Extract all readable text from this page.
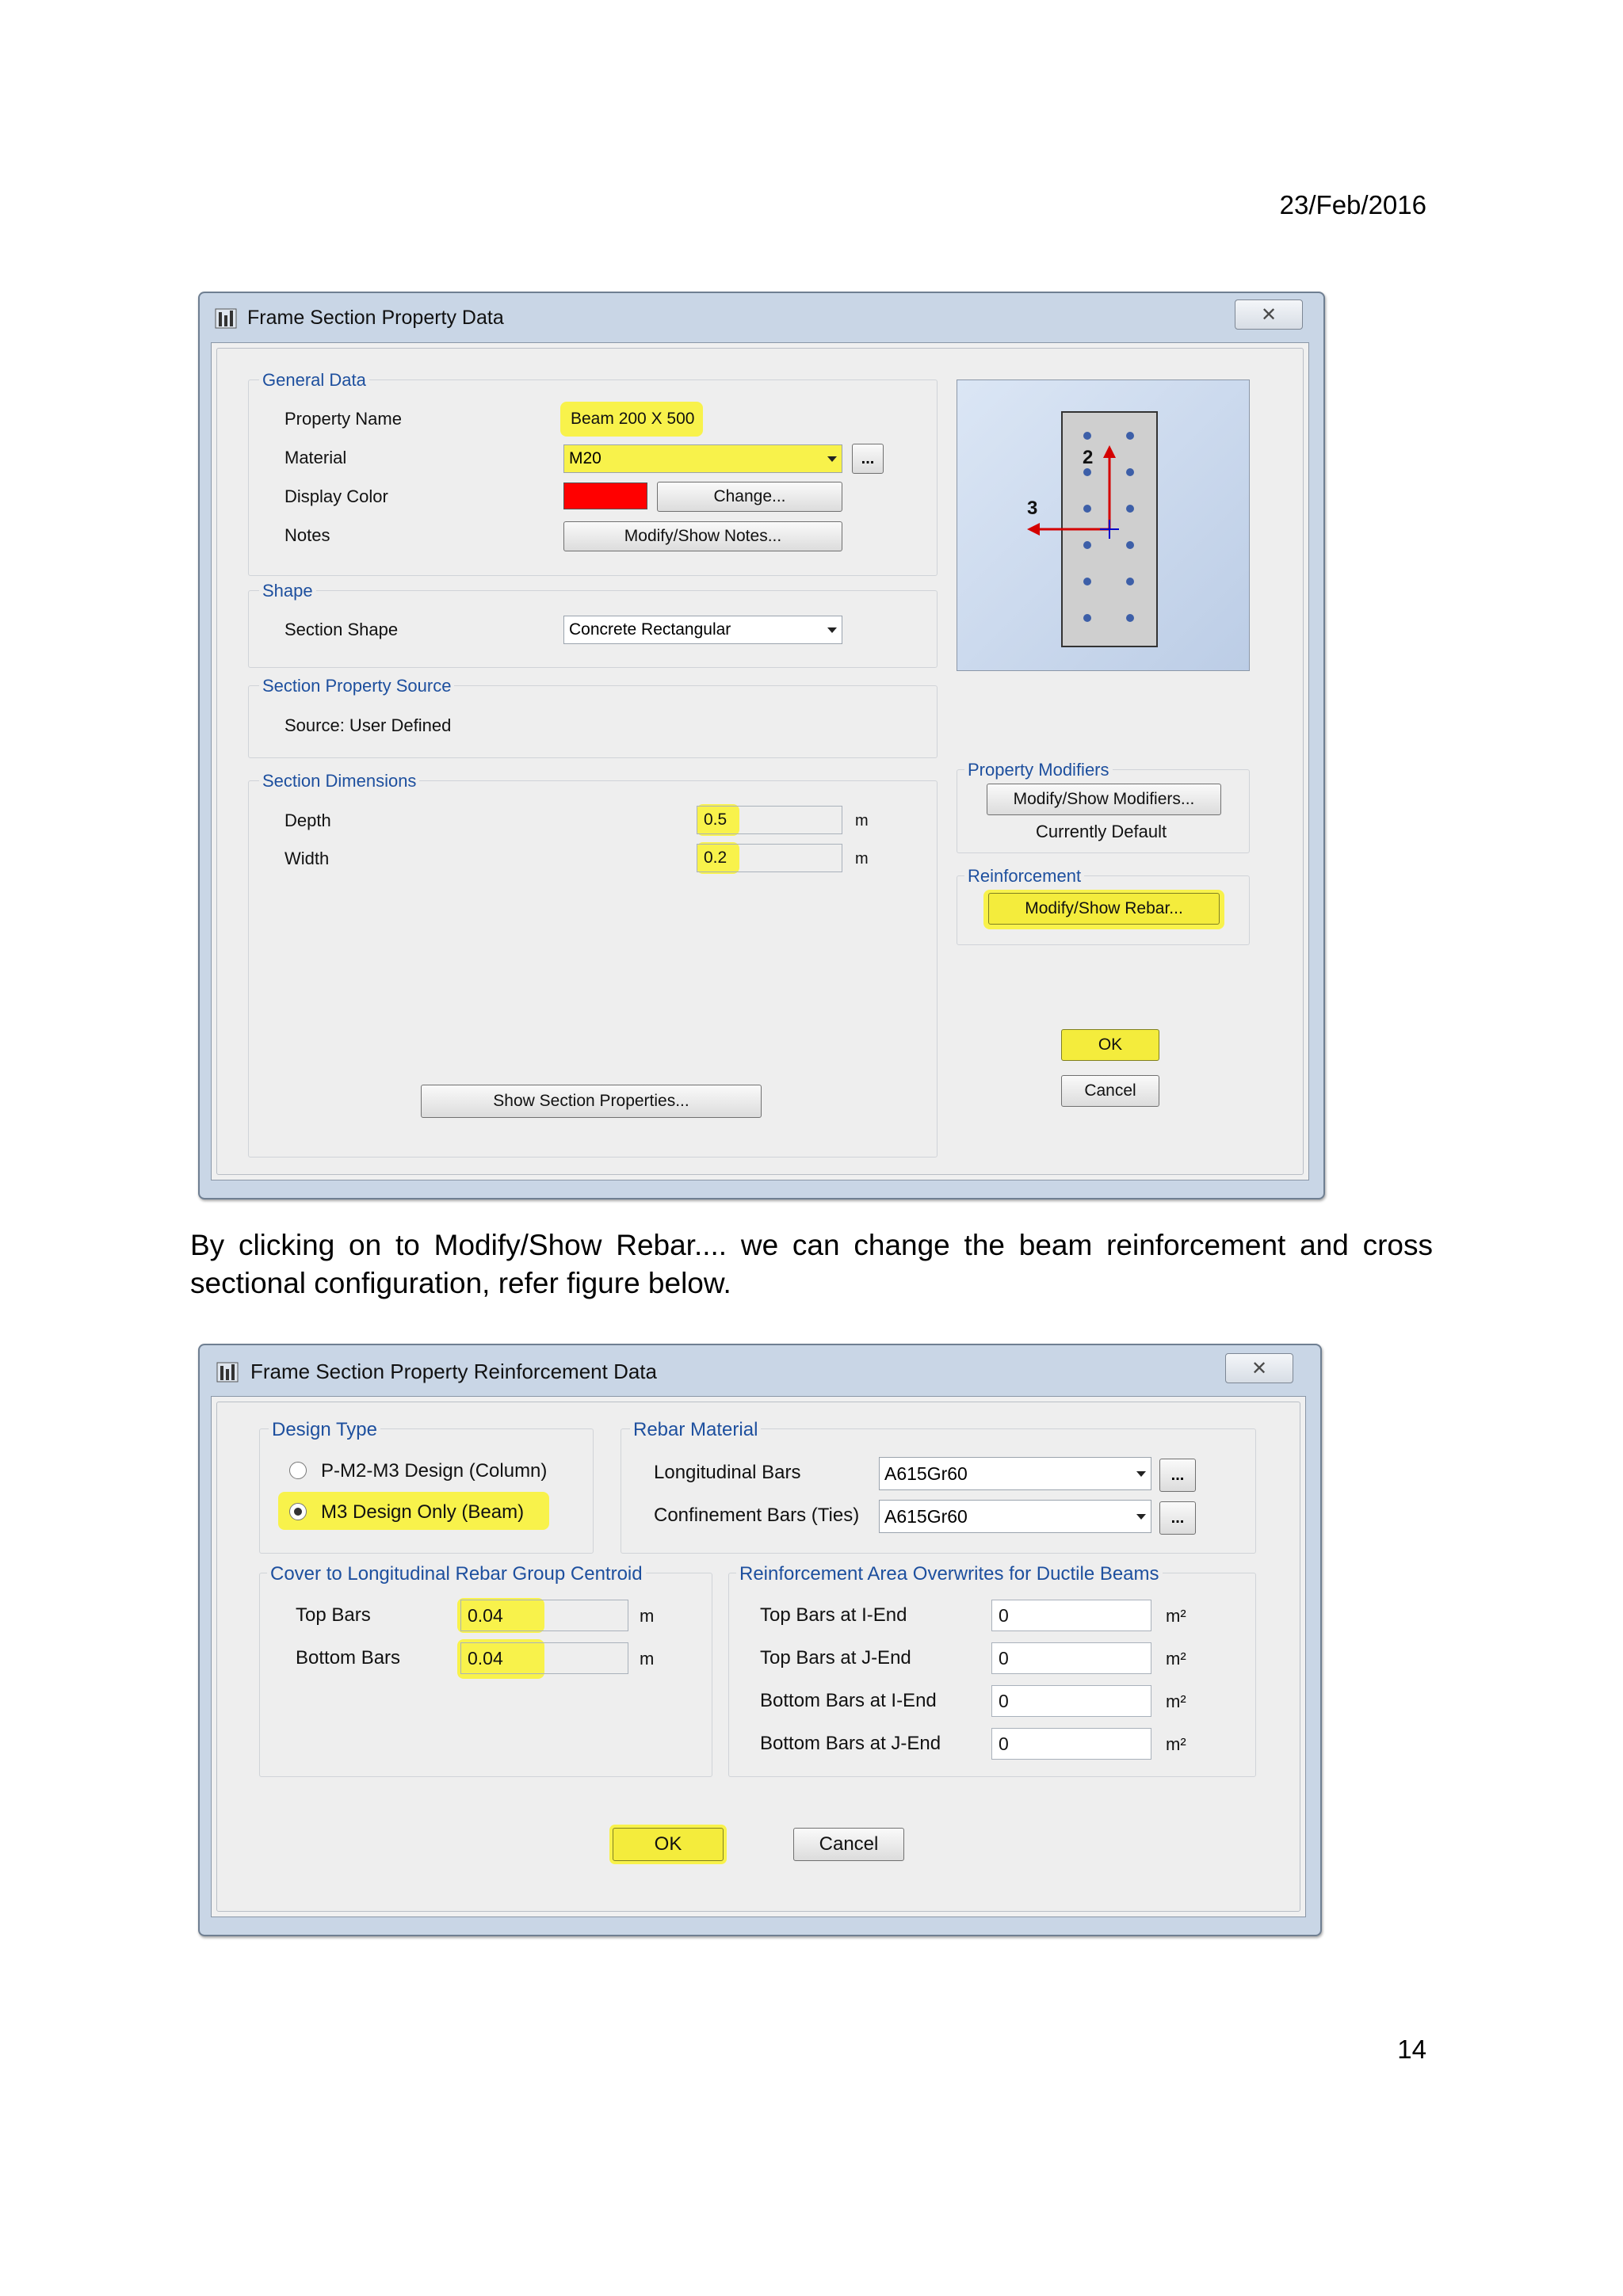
23/Feb/2016
Frame Section Property Data	✕
General Data
Property Name	Beam 200 X 500
Material	M20	...
Display Color	Change...
Notes	Modify/Show Notes...
Shape
Section Shape	Concrete Rectangular
Section Property Source
Source: User Defined
Section Dimensions
Depth	0.5	m
Width	0.2	m
Show Section Properties...
2
3
Property Modifiers
Modify/Show Modifiers...
Currently Default
Reinforcement
Modify/Show Rebar...
OK
Cancel
By clicking on to Modify/Show Rebar.... we can change the beam reinforcement and cross sectional configuration, refer figure below.
Frame Section Property Reinforcement Data	✕
Design Type
P-M2-M3 Design (Column)
M3 Design Only (Beam)
Rebar Material
Longitudinal Bars	A615Gr60	...
Confinement Bars (Ties) A615Gr60	...
Cover to Longitudinal Rebar Group Centroid
Top Bars	0.04	m
Bottom Bars	0.04	m
Reinforcement Area Overwrites for Ductile Beams
Top Bars at I-End	0	m²
Top Bars at J-End	0	m²
Bottom Bars at I-End	0	m²
Bottom Bars at J-End	0	m²
OK	Cancel
14
